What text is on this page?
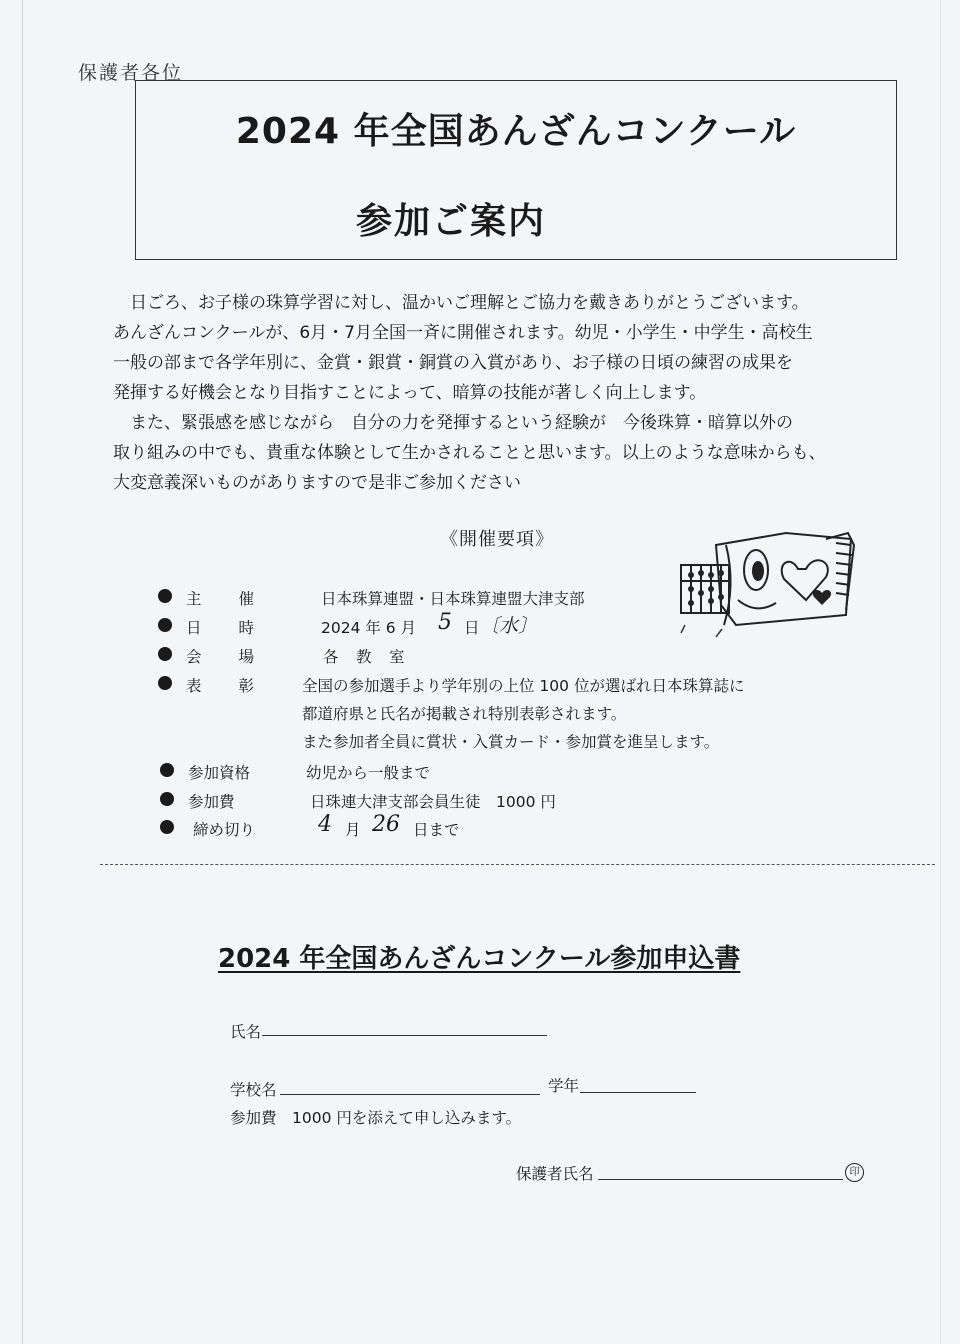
保護者各位
2024 年全国あんざんコンクール
参加ご案内

　日ごろ、お子様の珠算学習に対し、温かいご理解とご協力を戴きありがとうございます。

あんざんコンクールが、6月・7月全国一斉に開催されます。幼児・小学生・中学生・高校生

一般の部まで各学年別に、金賞・銀賞・銅賞の入賞があり、お子様の日頃の練習の成果を

発揮する好機会となり目指すことによって、暗算の技能が著しく向上します。

　また、緊張感を感じながら　自分の力を発揮するという経験が　今後珠算・暗算以外の

取り組みの中でも、貴重な体験として生かされることと思います。以上のような意味からも、

大変意義深いものがありますので是非ご参加ください

《開催要項》
主　　催	日本珠算連盟・日本珠算連盟大津支部
日　　時	2024 年 6 月 5 日 〔水〕
会　　場	各　教　室
表　　彰	全国の参加選手より学年別の上位 100 位が選ばれ日本珠算誌に
都道府県と氏名が掲載され特別表彰されます。
また参加者全員に賞状・入賞カード・参加賞を進呈します。
参加資格	幼児から一般まで
参加費	日珠連大津支部会員生徒　1000 円
締め切り	4 月 26 日まで
2024 年全国あんざんコンクール参加申込書
氏名
学校名	学年
参加費　1000 円を添えて申し込みます。
保護者氏名	印
